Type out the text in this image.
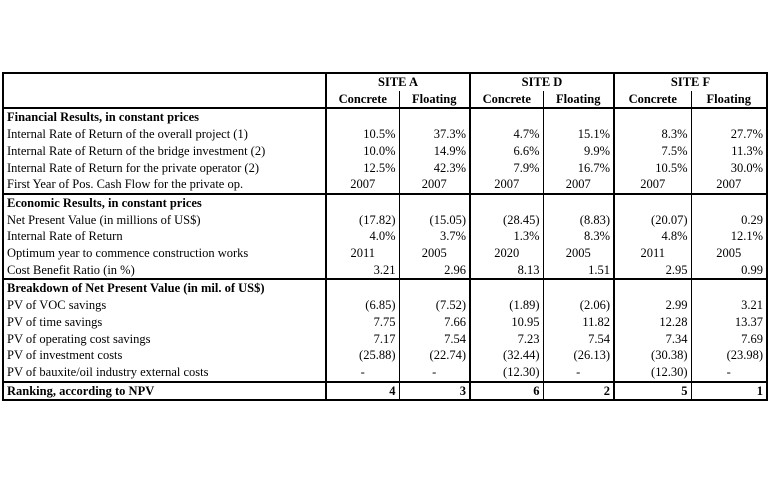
	SITE A		SITE D		SITE F	
	Concrete	Floating	Concrete	Floating	Concrete	Floating
Financial Results, in constant prices						
Internal Rate of Return of the overall project (1)	10.5%	37.3%	4.7%	15.1%	8.3%	27.7%
Internal Rate of Return of the bridge investment (2)	10.0%	14.9%	6.6%	9.9%	7.5%	11.3%
Internal Rate of Return for the private operator (2)	12.5%	42.3%	7.9%	16.7%	10.5%	30.0%
First Year of Pos. Cash Flow for the private op.	2007	2007	2007	2007	2007	2007
Economic Results, in constant prices						
Net Present Value (in millions of US$)	(17.82)	(15.05)	(28.45)	(8.83)	(20.07)	0.29
Internal Rate of Return	4.0%	3.7%	1.3%	8.3%	4.8%	12.1%
Optimum year to commence construction works	2011	2005	2020	2005	2011	2005
Cost Benefit Ratio (in %)	3.21	2.96	8.13	1.51	2.95	0.99
Breakdown of Net Present Value (in mil. of US$)						
PV of VOC savings	(6.85)	(7.52)	(1.89)	(2.06)	2.99	3.21
PV of time savings	7.75	7.66	10.95	11.82	12.28	13.37
PV of operating cost savings	7.17	7.54	7.23	7.54	7.34	7.69
PV of investment costs	(25.88)	(22.74)	(32.44)	(26.13)	(30.38)	(23.98)
PV of bauxite/oil industry external costs	-	-	(12.30)	-	(12.30)	-
Ranking, according to NPV	4	3	6	2	5	1
